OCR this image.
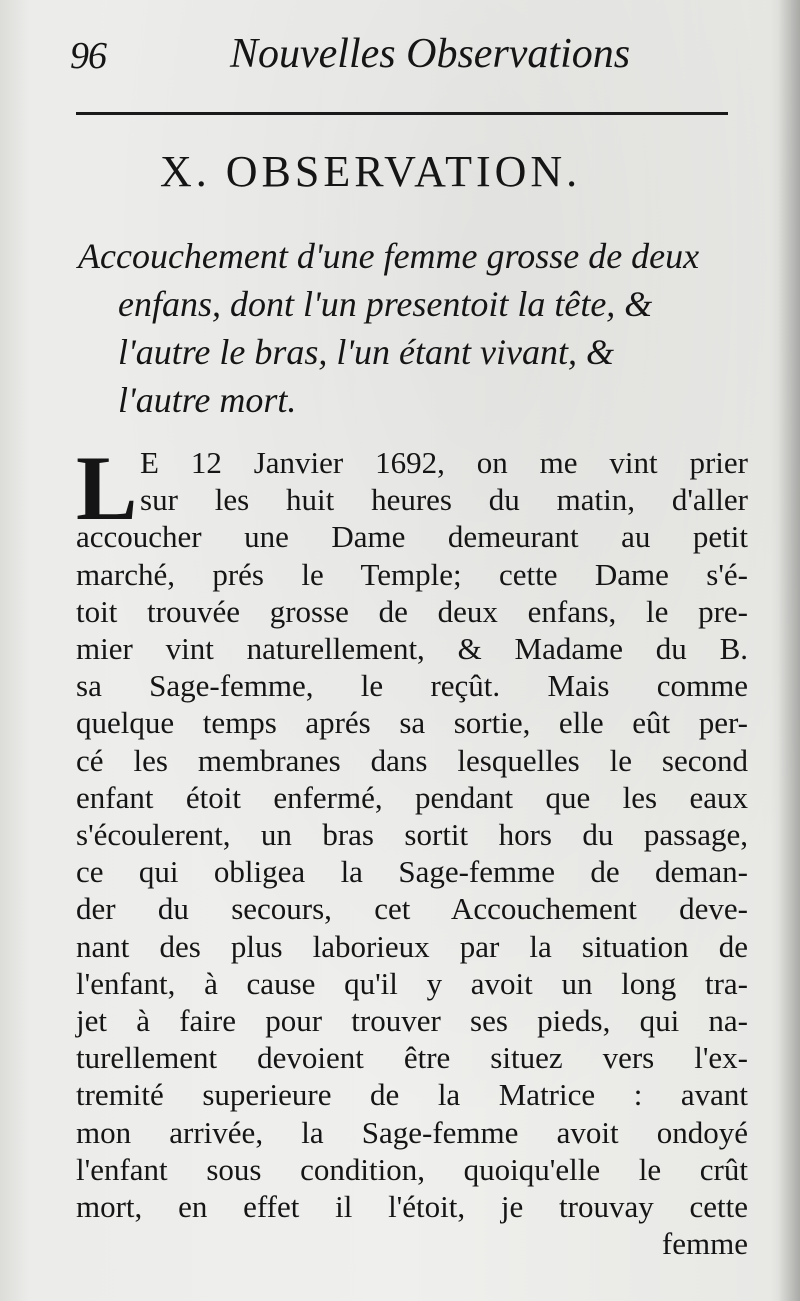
96	Nouvelles Observations
X. OBSERVATION.
Accouchement d'une femme grosse de deux
enfans, dont l'un presentoit la tête, &
l'autre le bras, l'un étant vivant, &
l'autre mort.
L E 12 Janvier 1692, on me vint prier
sur les huit heures du matin, d'aller
accoucher une Dame demeurant au petit
marché, prés le Temple; cette Dame s'é-
toit trouvée grosse de deux enfans, le pre-
mier vint naturellement, & Madame du B.
sa Sage-femme, le reçût. Mais comme
quelque temps aprés sa sortie, elle eût per-
cé les membranes dans lesquelles le second
enfant étoit enfermé, pendant que les eaux
s'écoulerent, un bras sortit hors du passage,
ce qui obligea la Sage-femme de deman-
der du secours, cet Accouchement deve-
nant des plus laborieux par la situation de
l'enfant, à cause qu'il y avoit un long tra-
jet à faire pour trouver ses pieds, qui na-
turellement devoient être situez vers l'ex-
tremité superieure de la Matrice : avant
mon arrivée, la Sage-femme avoit ondoyé
l'enfant sous condition, quoiqu'elle le crût
mort, en effet il l'étoit, je trouvay cette
femme
